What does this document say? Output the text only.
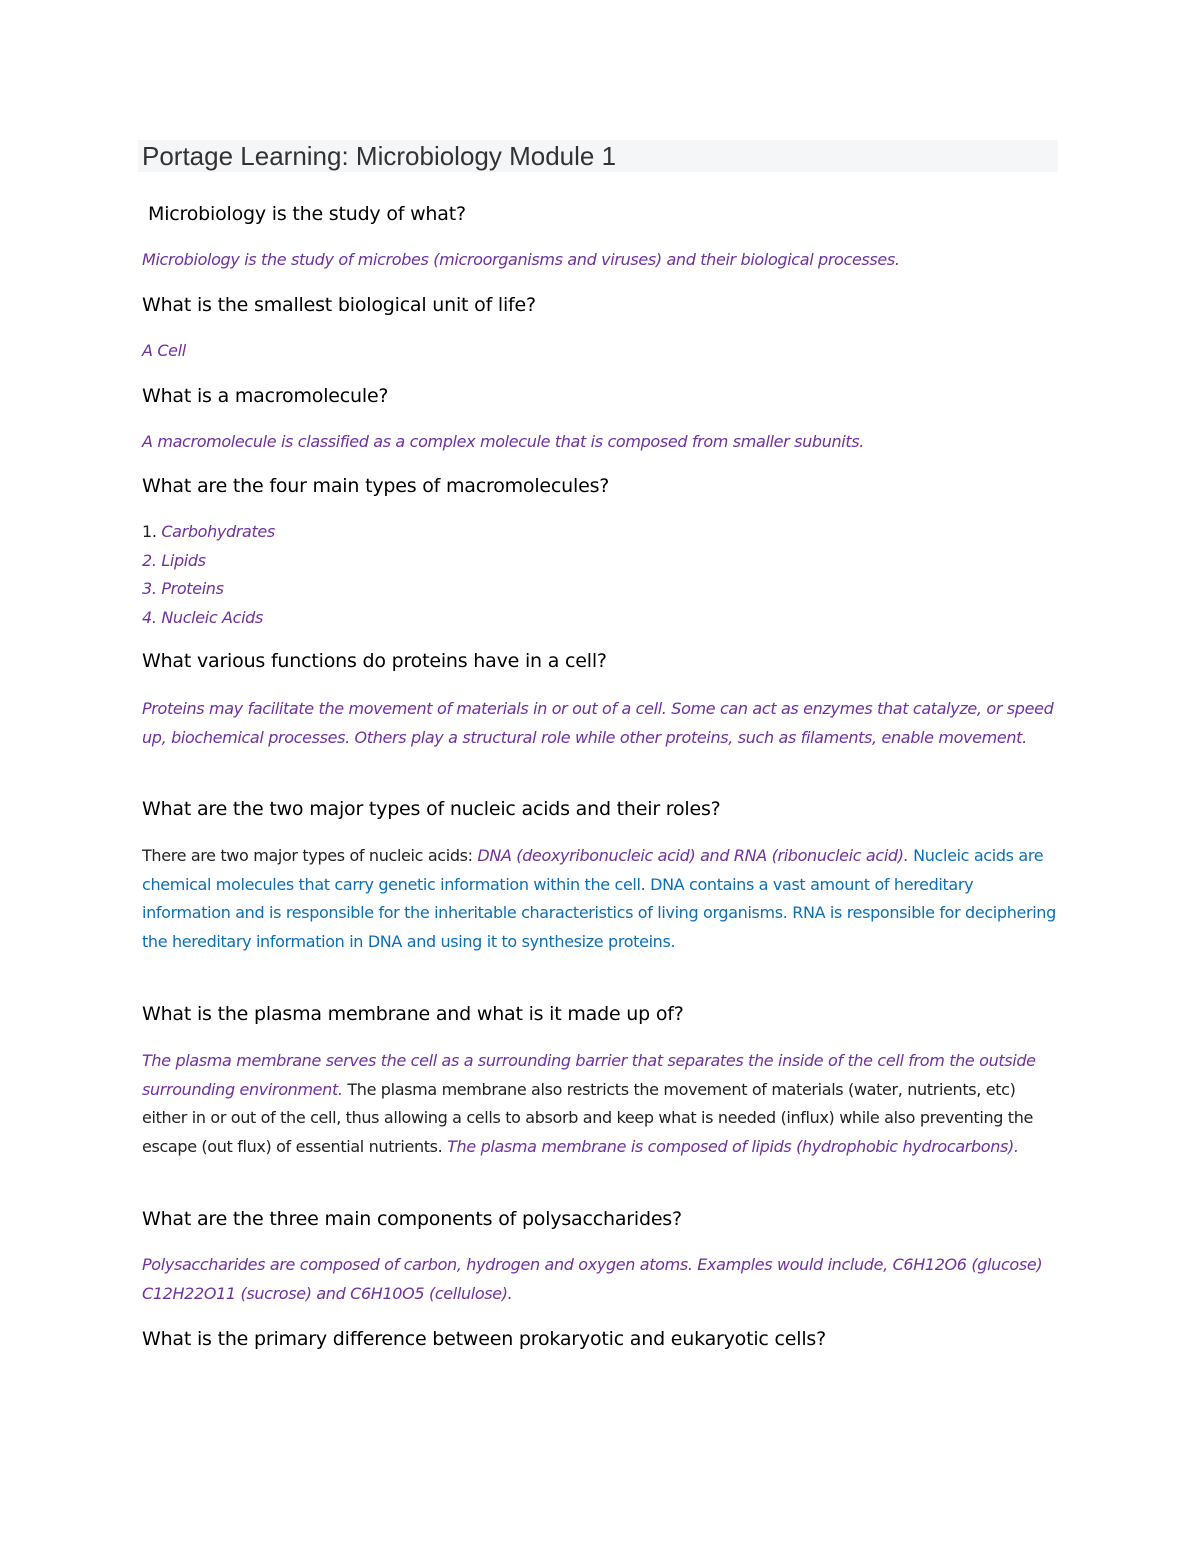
Portage Learning: Microbiology Module 1
Microbiology is the study of what?
Microbiology is the study of microbes (microorganisms and viruses) and their biological processes.
What is the smallest biological unit of life?
A Cell
What is a macromolecule?
A macromolecule is classified as a complex molecule that is composed from smaller subunits.
What are the four main types of macromolecules?
1. Carbohydrates
2. Lipids
3. Proteins
4. Nucleic Acids
What various functions do proteins have in a cell?
Proteins may facilitate the movement of materials in or out of a cell. Some can act as enzymes that catalyze, or speed up, biochemical processes. Others play a structural role while other proteins, such as filaments, enable movement.
What are the two major types of nucleic acids and their roles?
There are two major types of nucleic acids: DNA (deoxyribonucleic acid) and RNA (ribonucleic acid). Nucleic acids are chemical molecules that carry genetic information within the cell. DNA contains a vast amount of hereditary information and is responsible for the inheritable characteristics of living organisms. RNA is responsible for deciphering the hereditary information in DNA and using it to synthesize proteins.
What is the plasma membrane and what is it made up of?
The plasma membrane serves the cell as a surrounding barrier that separates the inside of the cell from the outside surrounding environment. The plasma membrane also restricts the movement of materials (water, nutrients, etc) either in or out of the cell, thus allowing a cells to absorb and keep what is needed (influx) while also preventing the escape (out flux) of essential nutrients. The plasma membrane is composed of lipids (hydrophobic hydrocarbons).
What are the three main components of polysaccharides?
Polysaccharides are composed of carbon, hydrogen and oxygen atoms. Examples would include, C6H12O6 (glucose) C12H22O11 (sucrose) and C6H10O5 (cellulose).
What is the primary difference between prokaryotic and eukaryotic cells?
